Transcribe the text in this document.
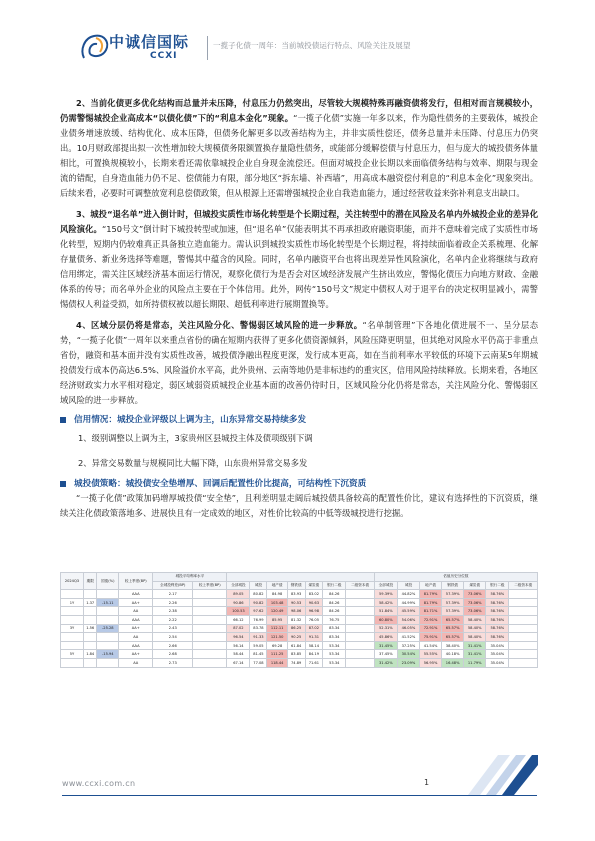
中诚信国际
CCXI
一揽子化债一周年：当前城投债运行特点、风险关注及展望

2、当前化债更多优化结构而总量并未压降，付息压力仍然突出，尽管较大规模特殊再融资债将发行，但相对而言规模较小，仍需警惕城投企业高成本“以债化债”下的“利息本金化”现象。“一揽子化债”实施一年多以来，作为隐性债务的主要载体，城投企业债务增速放缓、结构优化、成本压降，但债务化解更多以改善结构为主，并非实质性偿还，债务总量并未压降、付息压力仍突出。10月财政部提出拟一次性增加较大规模债务限额置换存量隐性债务，或能部分缓解偿债与付息压力，但与庞大的城投债务体量相比，可置换规模较小，长期来看还需依靠城投企业自身现金流偿还。但面对城投企业长期以来面临债务结构与效率、期限与现金流的错配，自身造血能力仍不足、偿债能力有限，部分地区“拆东墙、补西墙”，用高成本融资偿付利息的“利息本金化”现象突出。后续来看，必要时可调整放宽利息偿债政策，但从根源上还需增强城投企业自我造血能力，通过经营收益来弥补利息支出缺口。

3、城投“退名单”进入倒计时，但城投实质性市场化转型是个长期过程，关注转型中的潜在风险及名单内外城投企业的差异化风险演化。“150号文”倒计时下城投转型或加速，但“退名单”仅能表明其不再承担政府融资职能，而并不意味着完成了实质性市场化转型，短期内仍较难真正具备独立造血能力。需认识到城投实质性市场化转型是个长期过程，将持续面临着政企关系梳理、化解存量债务、新业务选择等难题，警惕其中蕴含的风险。同时，名单内融资平台也将出现差异性风险演化，名单内企业将继续与政府信用绑定，需关注区域经济基本面运行情况，观察化债行为是否会对区域经济发展产生挤出效应，警惕化债压力向地方财政、金融体系的传导；而名单外企业的风险点主要在于个体信用。此外，网传“150号文”规定中债权人对于退平台的决定权明显减小，需警惕债权人利益受损，如所持债权被以超长期限、超低利率进行展期置换等。

4、区域分层仍将是常态，关注风险分化、警惕弱区域风险的进一步释放。“名单制管理”下各地化债进展不一、呈分层态势，“一揽子化债”一周年以来重点省份的确在短期内获得了更多化债资源倾斜，风险压降更明显，但其绝对风险水平仍高于非重点省份，融资和基本面并没有实质性改善，城投债净融出程度更深，发行成本更高，如在当前利率水平较低的环境下云南某5年期城投债发行成本仍高达6.5%、风险溢价水平高，此外贵州、云南等地仍是非标违约的重灾区，信用风险持续释放。长期来看，各地区经济财政实力水平相对稳定，弱区域弱资质城投企业基本面的改善仍待时日，区域风险分化仍将是常态，关注风险分化、警惕弱区域风险的进一步释放。

信用情况：城投企业评级以上调为主，山东异常交易持续多发
1、级别调整以上调为主，3家贵州区县城投主体及债项级别下调
2、异常交易数量与规模同比大幅下降，山东贵州异常交易多发
城投债策略：城投债安全垫增厚、回调后配置性价比提高，可结构性下沉资质

“一揽子化债”政策加码增厚城投债“安全垫”，且利差明显走阔后城投债具备较高的配置性价比，建议有选择性的下沉资质，继续关注化债政策落地多、进展快且有一定成效的地区，对性价比较高的中低等级城投进行挖掘。

2024Q3	期限	国债(%)	较上季度(BP)	城投平均利率水平									估值历史分位数						
				全城投利差(BP)	较上季度(BP)	全部城投	城投	地产债	钢铁债	煤炭债	银行二级	二级资本债	全部城投	城投	地产债	钢铁债	煤炭债	银行二级	二级资本债
			AAA	2.17		89.05	80.82	84.98	83.93	83.02	84.26		59.39%	44.82%	81.79%	57.39%	73.06%	58.76%	
1Y	1.37	-15.11	AA+	2.26		90.86	90.82	103.48	90.53	90.63	84.26		58.42%	44.99%	81.79%	57.39%	73.06%	58.76%	
			AA	2.38		100.53	97.62	120.49	98.06	96.98	84.26		51.84%	45.59%	81.71%	57.39%	73.06%	58.76%	
			AAA	2.22		66.12	76.99	85.95	81.32	76.05	76.75		60.80%	54.06%	72.91%	65.57%	58.40%	58.76%	
3Y	1.56	-25.28	AA+	2.43		87.02	83.78	112.11	86.25	87.02	83.34		52.31%	46.05%	72.91%	65.57%	58.40%	58.76%	
			AA	2.54		96.54	91.33	121.50	90.25	91.31	83.34		45.86%	41.52%	75.91%	65.57%	58.40%	58.76%	
			AAA	2.66		56.14	59.05	69.28	61.84	58.14	53.34		31.45%	37.25%	41.54%	38.40%	31.41%	35.04%	
5Y	1.84	-15.94	AA+	2.68		58.44	81.45	111.25	83.85	84.19	53.34		37.45%	30.54%	55.55%	40.18%	31.41%	35.04%	
			AA	2.73		67.14	77.08	118.44	74.89	71.61	53.34		31.42%	23.09%	56.95%	16.48%	11.79%	35.04%	
1
www.ccxi.com.cn
